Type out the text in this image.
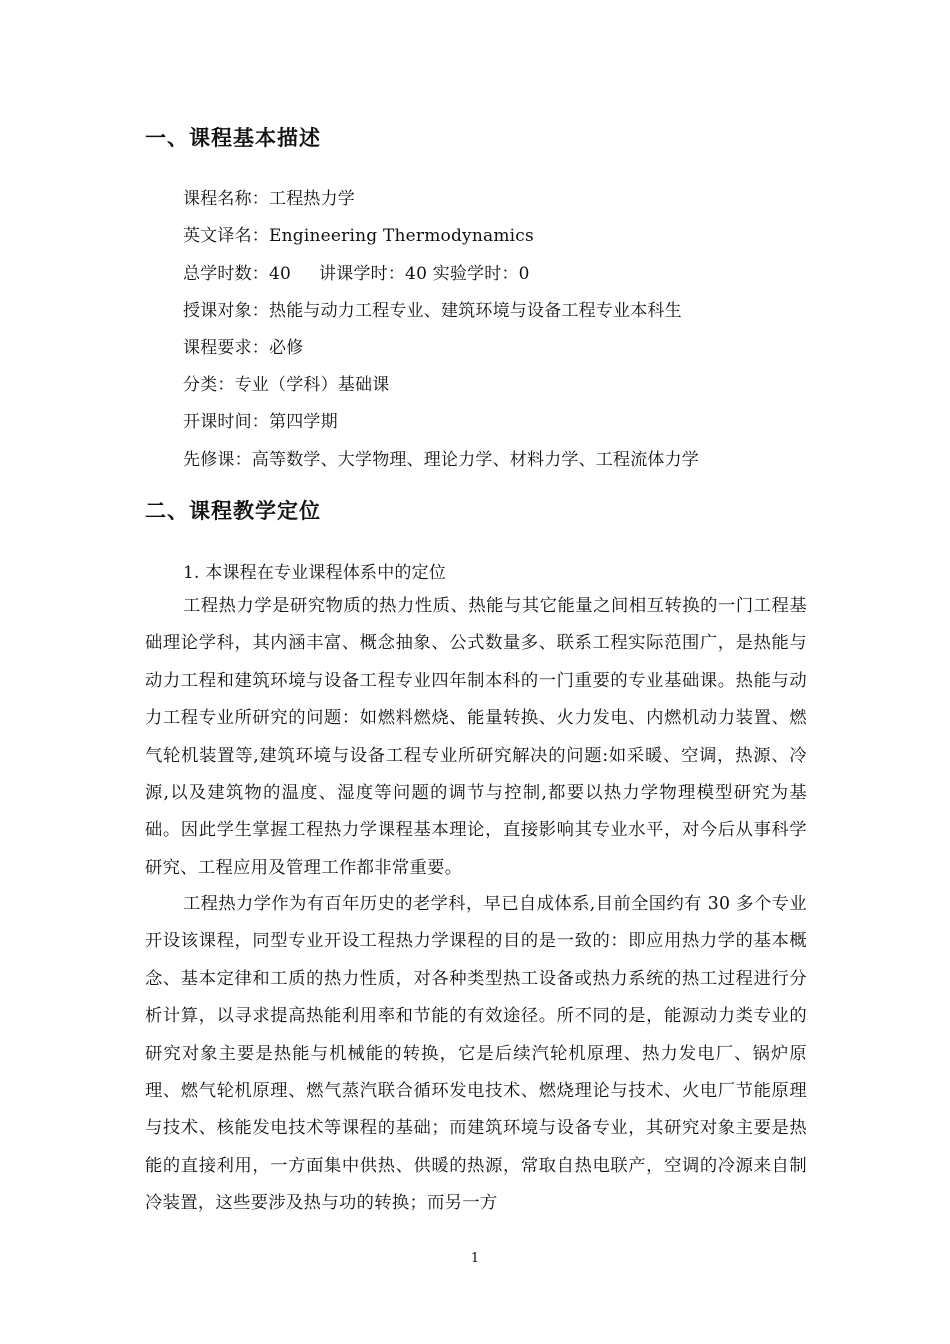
一、课程基本描述
课程名称：工程热力学
英文译名：Engineering Thermodynamics
总学时数：40 讲课学时：40 实验学时：0
授课对象：热能与动力工程专业、建筑环境与设备工程专业本科生
课程要求：必修
分类：专业（学科）基础课
开课时间：第四学期
先修课：高等数学、大学物理、理论力学、材料力学、工程流体力学
二、课程教学定位
1. 本课程在专业课程体系中的定位

工程热力学是研究物质的热力性质、热能与其它能量之间相互转换的一门工程基础理论学科，其内涵丰富、概念抽象、公式数量多、联系工程实际范围广，是热能与动力工程和建筑环境与设备工程专业四年制本科的一门重要的专业基础课。热能与动力工程专业所研究的问题：如燃料燃烧、能量转换、火力发电、内燃机动力装置、燃气轮机装置等,建筑环境与设备工程专业所研究解决的问题:如采暖、空调，热源、冷源,以及建筑物的温度、湿度等问题的调节与控制,都要以热力学物理模型研究为基础。因此学生掌握工程热力学课程基本理论，直接影响其专业水平，对今后从事科学研究、工程应用及管理工作都非常重要。

工程热力学作为有百年历史的老学科，早已自成体系,目前全国约有 30 多个专业开设该课程，同型专业开设工程热力学课程的目的是一致的：即应用热力学的基本概念、基本定律和工质的热力性质，对各种类型热工设备或热力系统的热工过程进行分析计算，以寻求提高热能利用率和节能的有效途径。所不同的是，能源动力类专业的研究对象主要是热能与机械能的转换，它是后续汽轮机原理、热力发电厂、锅炉原理、燃气轮机原理、燃气蒸汽联合循环发电技术、燃烧理论与技术、火电厂节能原理与技术、核能发电技术等课程的基础；而建筑环境与设备专业，其研究对象主要是热能的直接利用，一方面集中供热、供暖的热源，常取自热电联产，空调的冷源来自制冷装置，这些要涉及热与功的转换；而另一方

1
